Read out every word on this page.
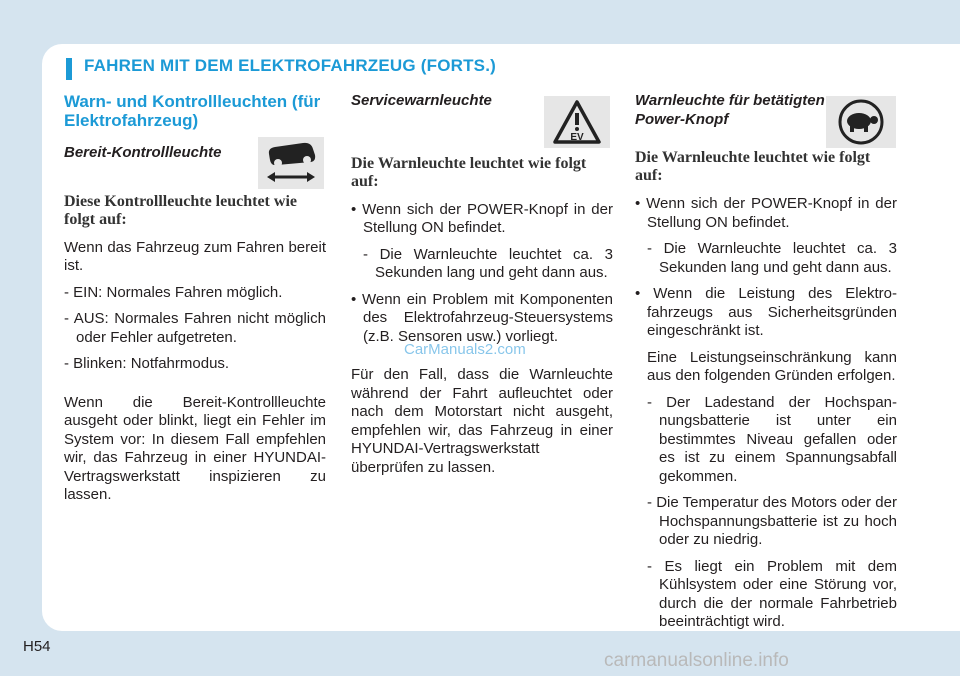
FAHREN MIT DEM ELEKTROFAHRZEUG (FORTS.)
Warn- und Kontrollleuchten (für Elektrofahrzeug)
Bereit-Kontrollleuchte
Diese Kontrollleuchte leuchtet wie folgt auf:

Wenn das Fahrzeug zum Fahren bereit ist.

- EIN: Normales Fahren möglich.
- AUS: Normales Fahren nicht möglich oder Fehler aufgetreten.
- Blinken: Notfahrmodus.

Wenn die Bereit-Kontrollleuchte ausgeht oder blinkt, liegt ein Fehler im System vor: In diesem Fall empfehlen wir, das Fahrzeug in einer HYUNDAI-Vertragswerkstatt inspizieren zu lassen.

Servicewarnleuchte
Die Warnleuchte leuchtet wie folgt auf:
• Wenn sich der POWER-Knopf in der Stellung ON befindet.
- Die Warnleuchte leuchtet ca. 3 Sekunden lang und geht dann aus.
• Wenn ein Problem mit Komponenten des Elektrofahrzeug-Steuersystems (z.B. Sensoren usw.) vorliegt.

Für den Fall, dass die Warnleuchte während der Fahrt aufleuchtet oder nach dem Motorstart nicht ausgeht, empfehlen wir, das Fahrzeug in einer HYUNDAI-Vertragswerkstatt überprüfen zu lassen.

EV
Warnleuchte für betätigten Power-Knopf
Die Warnleuchte leuchtet wie folgt auf:
• Wenn sich der POWER-Knopf in der Stellung ON befindet.
- Die Warnleuchte leuchtet ca. 3 Sekunden lang und geht dann aus.
• Wenn die Leistung des Elektrofahrzeugs aus Sicherheitsgründen eingeschränkt ist.
Eine Leistungseinschränkung kann aus den folgenden Gründen erfolgen.
- Der Ladestand der Hochspannungsbatterie ist unter ein bestimmtes Niveau gefallen oder es ist zu einem Spannungsabfall gekommen.
- Die Temperatur des Motors oder der Hochspannungsbatterie ist zu hoch oder zu niedrig.
- Es liegt ein Problem mit dem Kühlsystem oder eine Störung vor, durch die der normale Fahrbetrieb beeinträchtigt wird.
CarManuals2.com
H54
carmanualsonline.info
